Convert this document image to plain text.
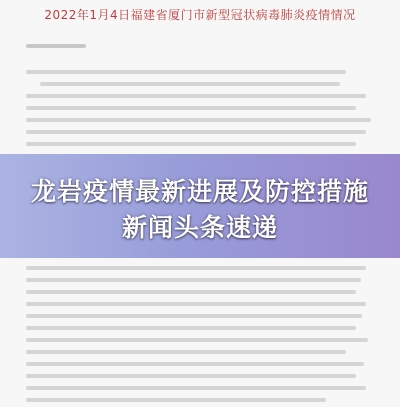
2022年1月4日福建省厦门市新型冠状病毒肺炎疫情情况
龙岩疫情最新进展及防控措施
新闻头条速递
